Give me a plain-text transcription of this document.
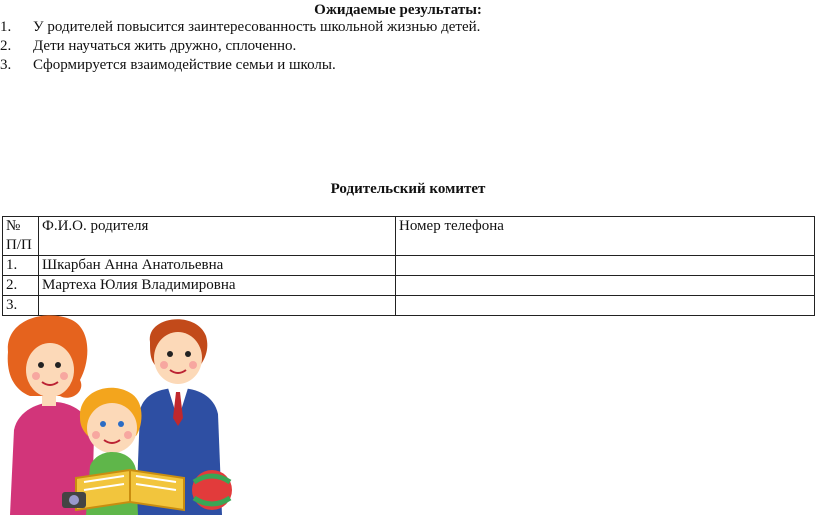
Ожидаемые результаты:
1. У родителей повысится заинтересованность школьной жизнью детей.
2. Дети научаться жить дружно, сплоченно.
3. Сформируется взаимодействие семьи и школы.
Родительский комитет
№ П/П	Ф.И.О. родителя	Номер телефона
1.	Шкарбан Анна Анатольевна	
2.	Мартеха Юлия Владимировна	
3.		
